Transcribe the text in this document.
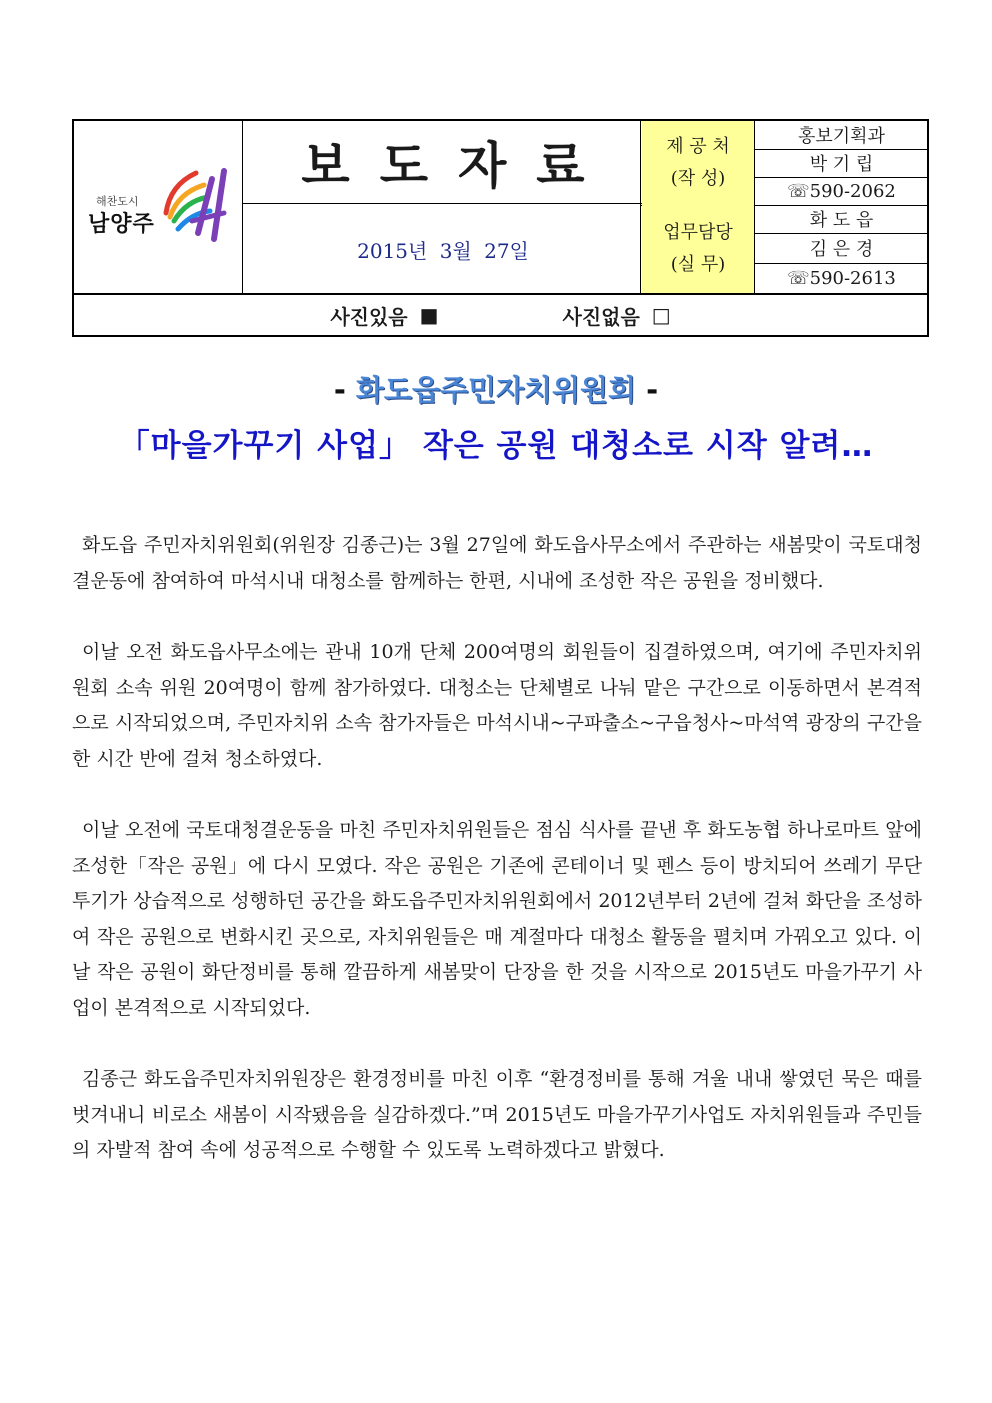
해찬도시
남양주
보도자료
2015년 3월 27일
제 공 처
(작 성)
업무담당
(실 무)
홍보기획과
박 기 립
☏590-2062
화 도 읍
김 은 경
☏590-2613
사진있음 ■	사진없음 □
- 화도읍주민자치위원회 -
「마을가꾸기 사업」 작은 공원 대청소로 시작 알려…

화도읍 주민자치위원회(위원장 김종근)는 3월 27일에 화도읍사무소에서 주관하는 새봄맞이 국토대청결운동에 참여하여 마석시내 대청소를 함께하는 한편, 시내에 조성한 작은 공원을 정비했다.

이날 오전 화도읍사무소에는 관내 10개 단체 200여명의 회원들이 집결하였으며, 여기에 주민자치위원회 소속 위원 20여명이 함께 참가하였다. 대청소는 단체별로 나눠 맡은 구간으로 이동하면서 본격적으로 시작되었으며, 주민자치위 소속 참가자들은 마석시내~구파출소~구읍청사~마석역 광장의 구간을 한 시간 반에 걸쳐 청소하였다.

이날 오전에 국토대청결운동을 마친 주민자치위원들은 점심 식사를 끝낸 후 화도농협 하나로마트 앞에 조성한「작은 공원」에 다시 모였다. 작은 공원은 기존에 콘테이너 및 펜스 등이 방치되어 쓰레기 무단투기가 상습적으로 성행하던 공간을 화도읍주민자치위원회에서 2012년부터 2년에 걸쳐 화단을 조성하여 작은 공원으로 변화시킨 곳으로, 자치위원들은 매 계절마다 대청소 활동을 펼치며 가꿔오고 있다. 이날 작은 공원이 화단정비를 통해 깔끔하게 새봄맞이 단장을 한 것을 시작으로 2015년도 마을가꾸기 사업이 본격적으로 시작되었다.

김종근 화도읍주민자치위원장은 환경정비를 마친 이후 “환경정비를 통해 겨울 내내 쌓였던 묵은 때를 벗겨내니 비로소 새봄이 시작됐음을 실감하겠다.”며 2015년도 마을가꾸기사업도 자치위원들과 주민들의 자발적 참여 속에 성공적으로 수행할 수 있도록 노력하겠다고 밝혔다.
